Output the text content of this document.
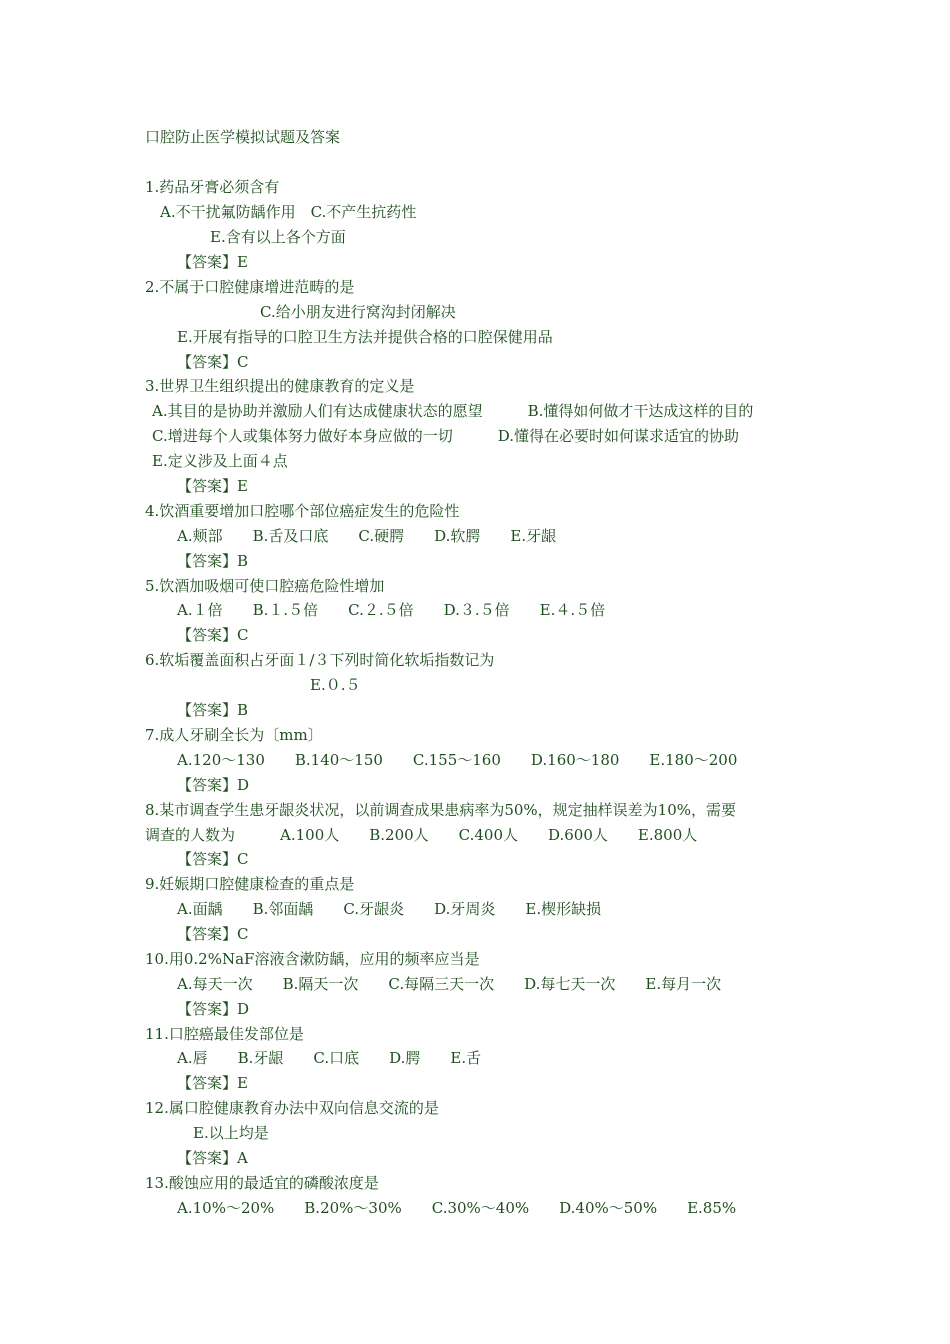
口腔防止医学模拟试题及答案
1.药品牙膏必须含有
A.不干扰氟防龋作用　C.不产生抗药性
E.含有以上各个方面
【答案】E
2.不属于口腔健康增进范畴的是
C.给小朋友进行窝沟封闭解决
E.开展有指导的口腔卫生方法并提供合格的口腔保健用品
【答案】C
3.世界卫生组织提出的健康教育的定义是
A.其目的是协助并激励人们有达成健康状态的愿望　　　B.懂得如何做才干达成这样的目的
C.增进每个人或集体努力做好本身应做的一切　　　D.懂得在必要时如何谋求适宜的协助
E.定义涉及上面４点
【答案】E
4.饮酒重要增加口腔哪个部位癌症发生的危险性
A.颊部　　B.舌及口底　　C.硬腭　　D.软腭　　E.牙龈
【答案】B
5.饮酒加吸烟可使口腔癌危险性增加
A.１倍　　B.１.５倍　　C.２.５倍　　D.３.５倍　　E.４.５倍
【答案】C
6.软垢覆盖面积占牙面１/３下列时简化软垢指数记为
E.０.５
【答案】B
7.成人牙刷全长为〔mm〕
A.120～130　　B.140～150　　C.155～160　　D.160～180　　E.180～200
【答案】D
8.某市调查学生患牙龈炎状况，以前调查成果患病率为50%，规定抽样误差为10%，需要
调查的人数为　　　A.100人　　B.200人　　C.400人　　D.600人　　E.800人
【答案】C
9.妊娠期口腔健康检查的重点是
A.面龋　　B.邻面龋　　C.牙龈炎　　D.牙周炎　　E.楔形缺损
【答案】C
10.用0.2%NaF溶液含漱防龋，应用的频率应当是
A.每天一次　　B.隔天一次　　C.每隔三天一次　　D.每七天一次　　E.每月一次
【答案】D
11.口腔癌最佳发部位是
A.唇　　B.牙龈　　C.口底　　D.腭　　E.舌
【答案】E
12.属口腔健康教育办法中双向信息交流的是
E.以上均是
【答案】A
13.酸蚀应用的最适宜的磷酸浓度是
A.10%～20%　　B.20%～30%　　C.30%～40%　　D.40%～50%　　E.85%
